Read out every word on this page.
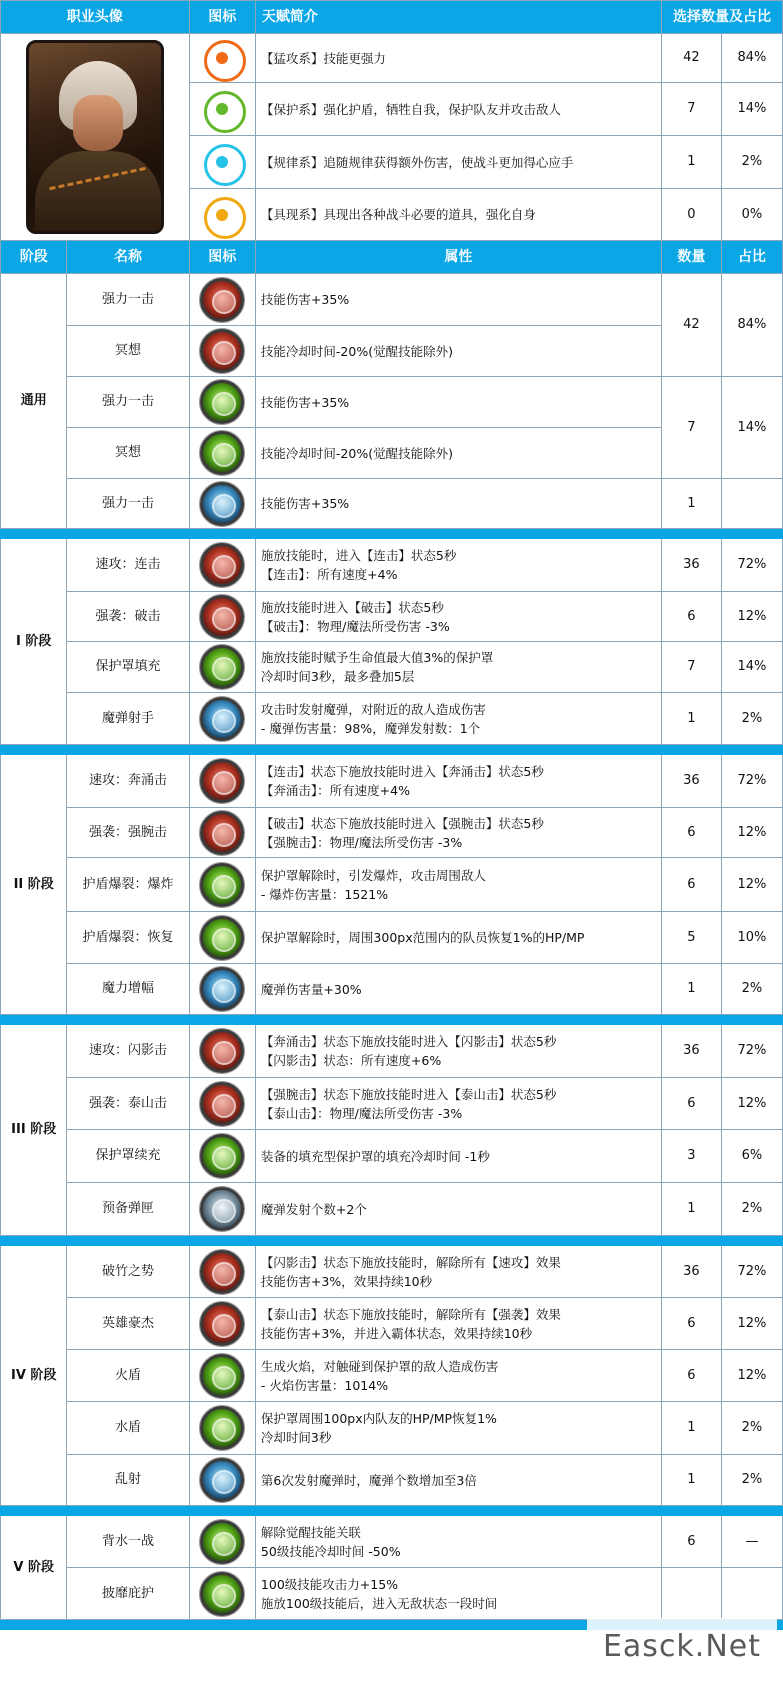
职业头像		图标	天赋简介	选择数量及占比	

		【猛攻系】技能更强力	42	84%

			【保护系】强化护盾，牺牲自我，保护队友并攻击敌人	7	14%

			【规律系】追随规律获得额外伤害，使战斗更加得心应手	1	2%

			【具现系】具现出各种战斗必要的道具，强化自身	0	0%
阶段	名称	图标	属性	数量	占比
通用	强力一击		技能伤害+35%	42	84%
	冥想		技能冷却时间-20%(觉醒技能除外)		
	强力一击		技能伤害+35%	7	14%
	冥想		技能冷却时间-20%(觉醒技能除外)		
	强力一击		技能伤害+35%	1	

I 阶段	速攻：连击		施放技能时，进入【连击】状态5秒
【连击】：所有速度+4%	36	72%
	强袭：破击		施放技能时进入【破击】状态5秒
【破击】：物理/魔法所受伤害 -3%	6	12%
	保护罩填充		施放技能时赋予生命值最大值3%的保护罩
冷却时间3秒，最多叠加5层	7	14%
	魔弹射手		攻击时发射魔弹，对附近的敌人造成伤害
- 魔弹伤害量：98%，魔弹发射数：1个	1	2%

II 阶段	速攻：奔涌击		【连击】状态下施放技能时进入【奔涌击】状态5秒
【奔涌击】：所有速度+4%	36	72%
	强袭：强腕击		【破击】状态下施放技能时进入【强腕击】状态5秒
【强腕击】：物理/魔法所受伤害 -3%	6	12%
	护盾爆裂：爆炸		保护罩解除时，引发爆炸，攻击周围敌人
- 爆炸伤害量：1521%	6	12%
	护盾爆裂：恢复		保护罩解除时，周围300px范围内的队员恢复1%的HP/MP	5	10%
	魔力增幅		魔弹伤害量+30%	1	2%

III 阶段	速攻：闪影击		【奔涌击】状态下施放技能时进入【闪影击】状态5秒
【闪影击】状态：所有速度+6%	36	72%
	强袭：泰山击		【强腕击】状态下施放技能时进入【泰山击】状态5秒
【泰山击】：物理/魔法所受伤害 -3%	6	12%
	保护罩续充		装备的填充型保护罩的填充冷却时间 -1秒	3	6%
	预备弹匣		魔弹发射个数+2个	1	2%

IV 阶段	破竹之势		【闪影击】状态下施放技能时，解除所有【速攻】效果
技能伤害+3%，效果持续10秒	36	72%
	英雄豪杰		【泰山击】状态下施放技能时，解除所有【强袭】效果
技能伤害+3%，并进入霸体状态，效果持续10秒	6	12%
	火盾		生成火焰，对触碰到保护罩的敌人造成伤害
- 火焰伤害量：1014%	6	12%
	水盾		保护罩周围100px内队友的HP/MP恢复1%
冷却时间3秒	1	2%
	乱射		第6次发射魔弹时，魔弹个数增加至3倍	1	2%

V 阶段	背水一战		解除觉醒技能关联
50级技能冷却时间 -50%	6	—
	披靡庇护		100级技能攻击力+15%
施放100级技能后，进入无敌状态一段时间		

Easck.Net
